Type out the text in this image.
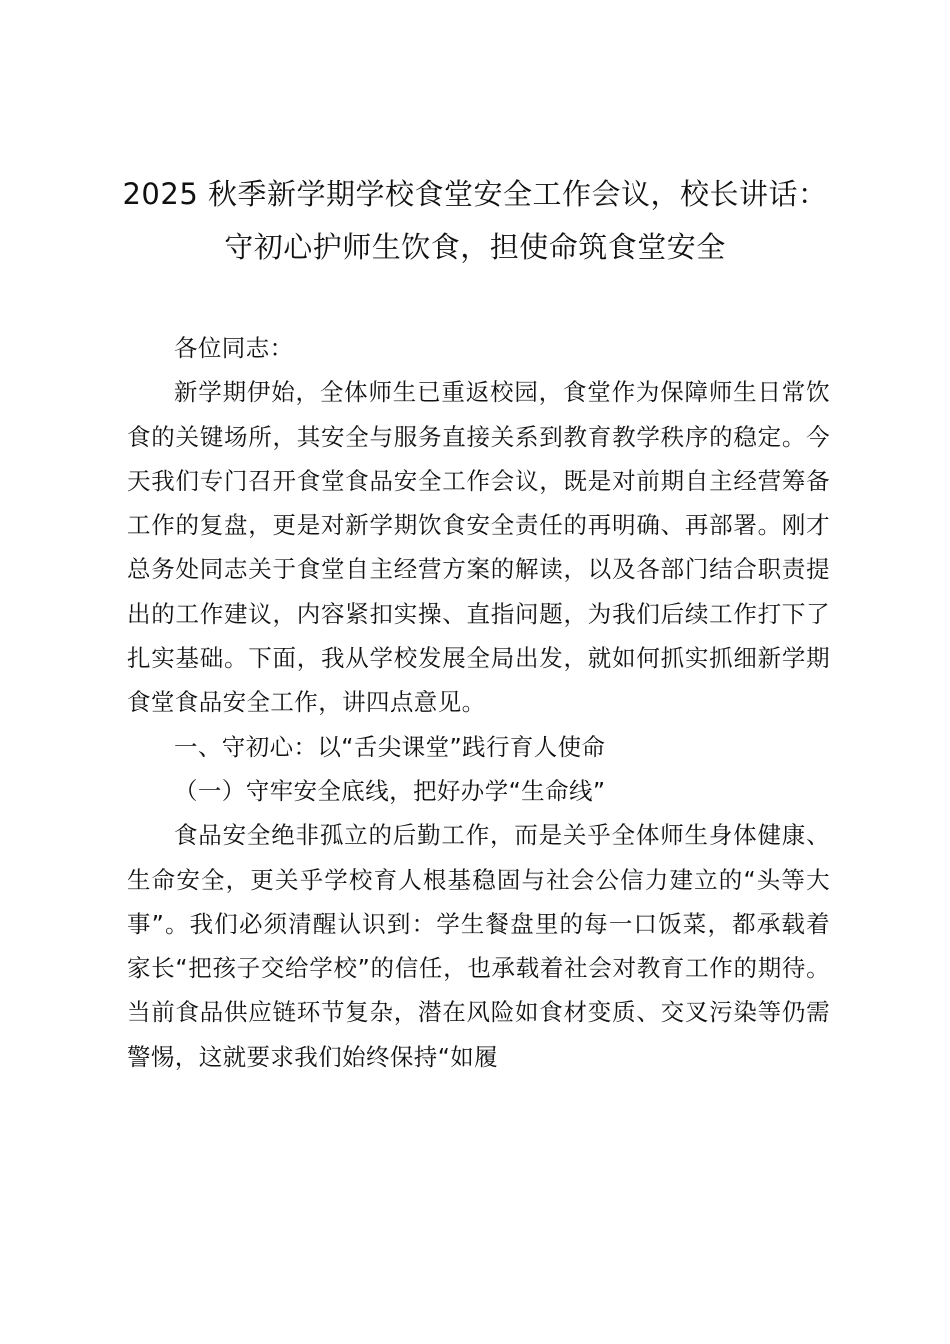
2025 秋季新学期学校食堂安全工作会议，校长讲话：守初心护师生饮食，担使命筑食堂安全

各位同志：

新学期伊始，全体师生已重返校园，食堂作为保障师生日常饮食的关键场所，其安全与服务直接关系到教育教学秩序的稳定。今天我们专门召开食堂食品安全工作会议，既是对前期自主经营筹备工作的复盘，更是对新学期饮食安全责任的再明确、再部署。刚才总务处同志关于食堂自主经营方案的解读，以及各部门结合职责提出的工作建议，内容紧扣实操、直指问题，为我们后续工作打下了扎实基础。下面，我从学校发展全局出发，就如何抓实抓细新学期食堂食品安全工作，讲四点意见。

一、守初心：以“舌尖课堂”践行育人使命

（一）守牢安全底线，把好办学“生命线”

食品安全绝非孤立的后勤工作，而是关乎全体师生身体健康、生命安全，更关乎学校育人根基稳固与社会公信力建立的“头等大事”。我们必须清醒认识到：学生餐盘里的每一口饭菜，都承载着家长“把孩子交给学校”的信任，也承载着社会对教育工作的期待。当前食品供应链环节复杂，潜在风险如食材变质、交叉污染等仍需警惕，这就要求我们始终保持“如履
